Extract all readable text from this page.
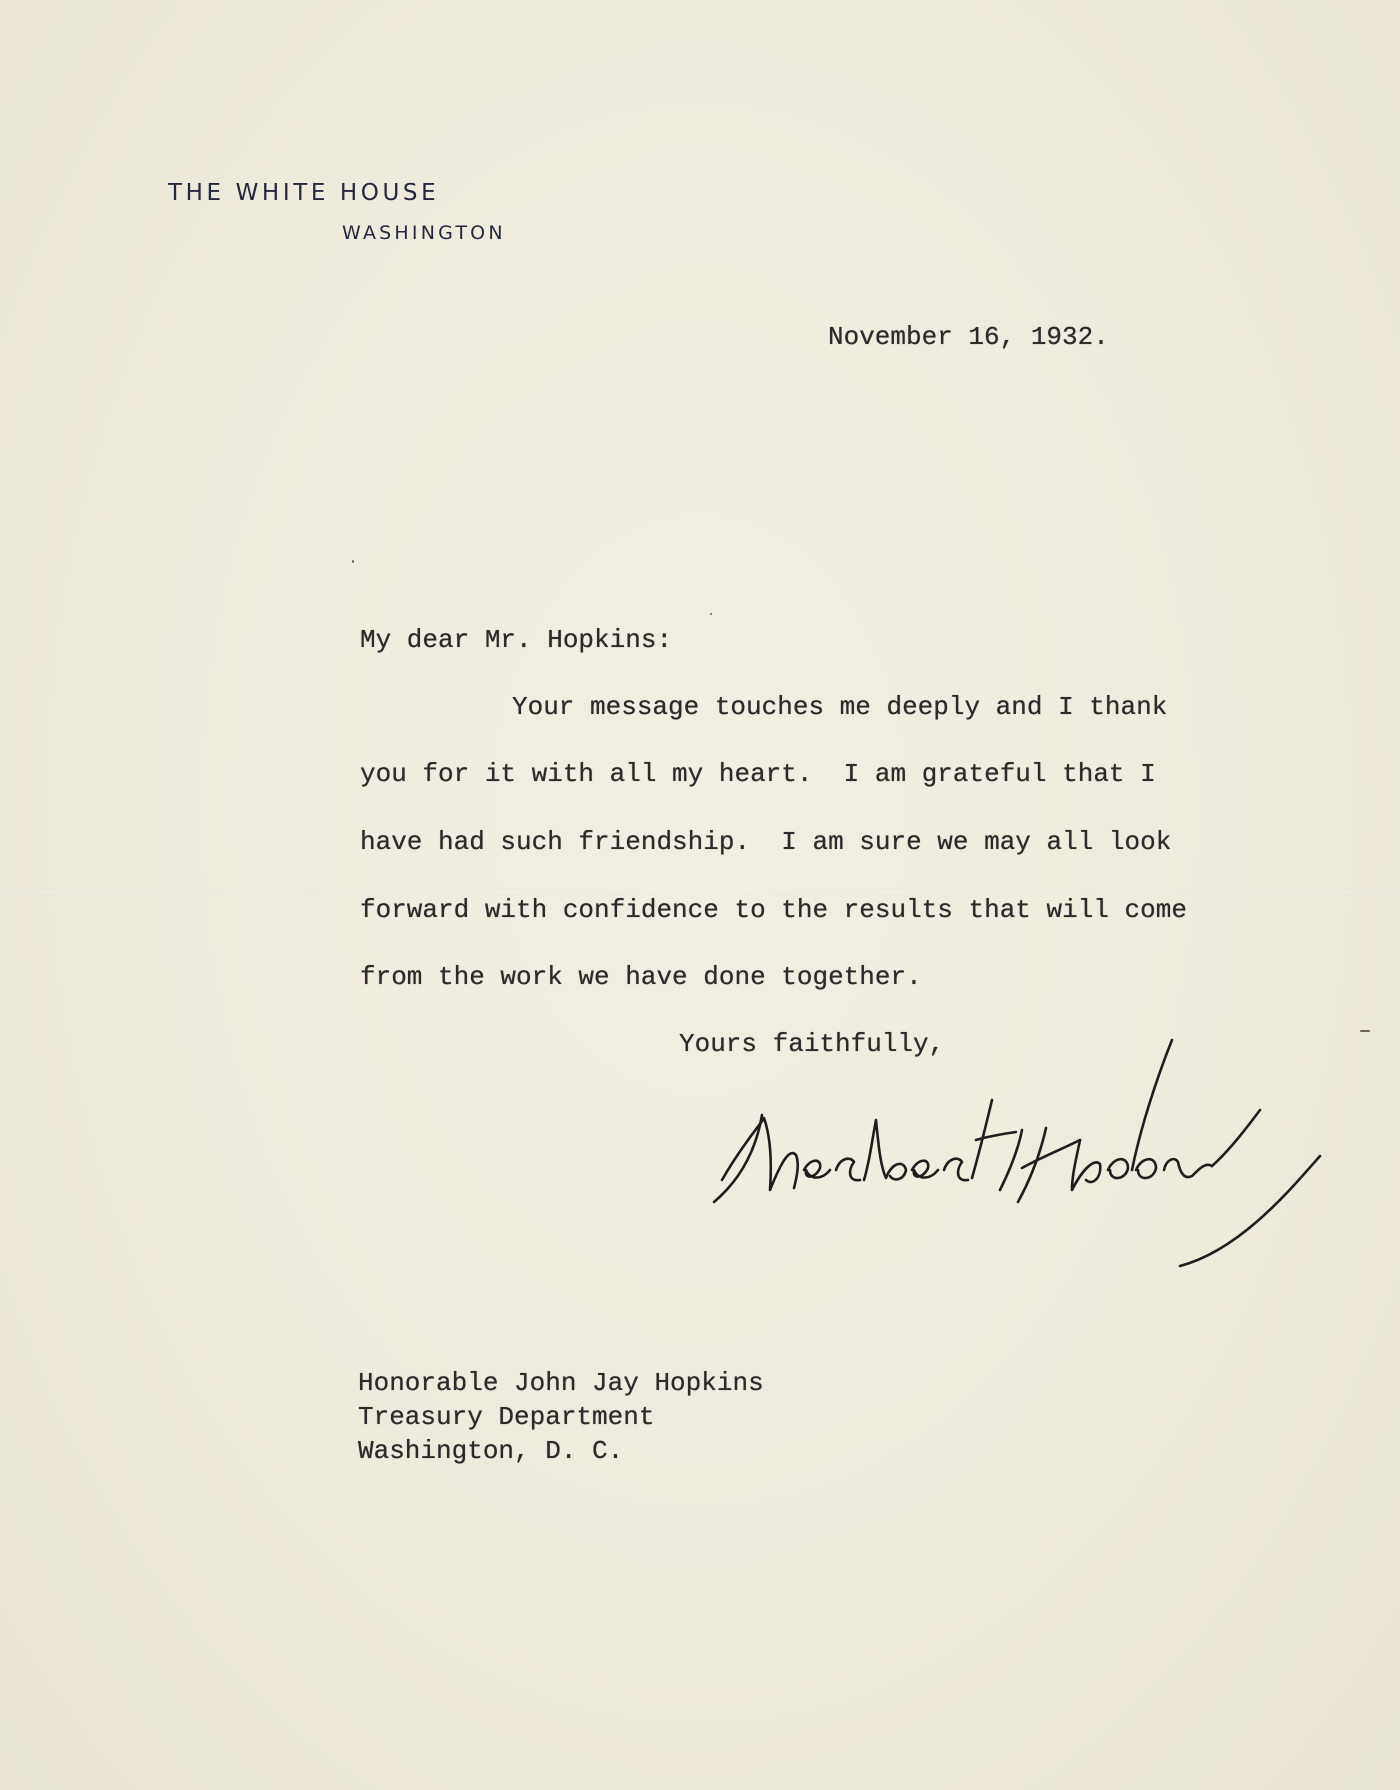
THE WHITE HOUSE
WASHINGTON
November 16, 1932.
My dear Mr. Hopkins:
Your message touches me deeply and I thank
you for it with all my heart.  I am grateful that I
have had such friendship.  I am sure we may all look
forward with confidence to the results that will come
from the work we have done together.
Yours faithfully,
Honorable John Jay Hopkins
Treasury Department
Washington, D. C.
